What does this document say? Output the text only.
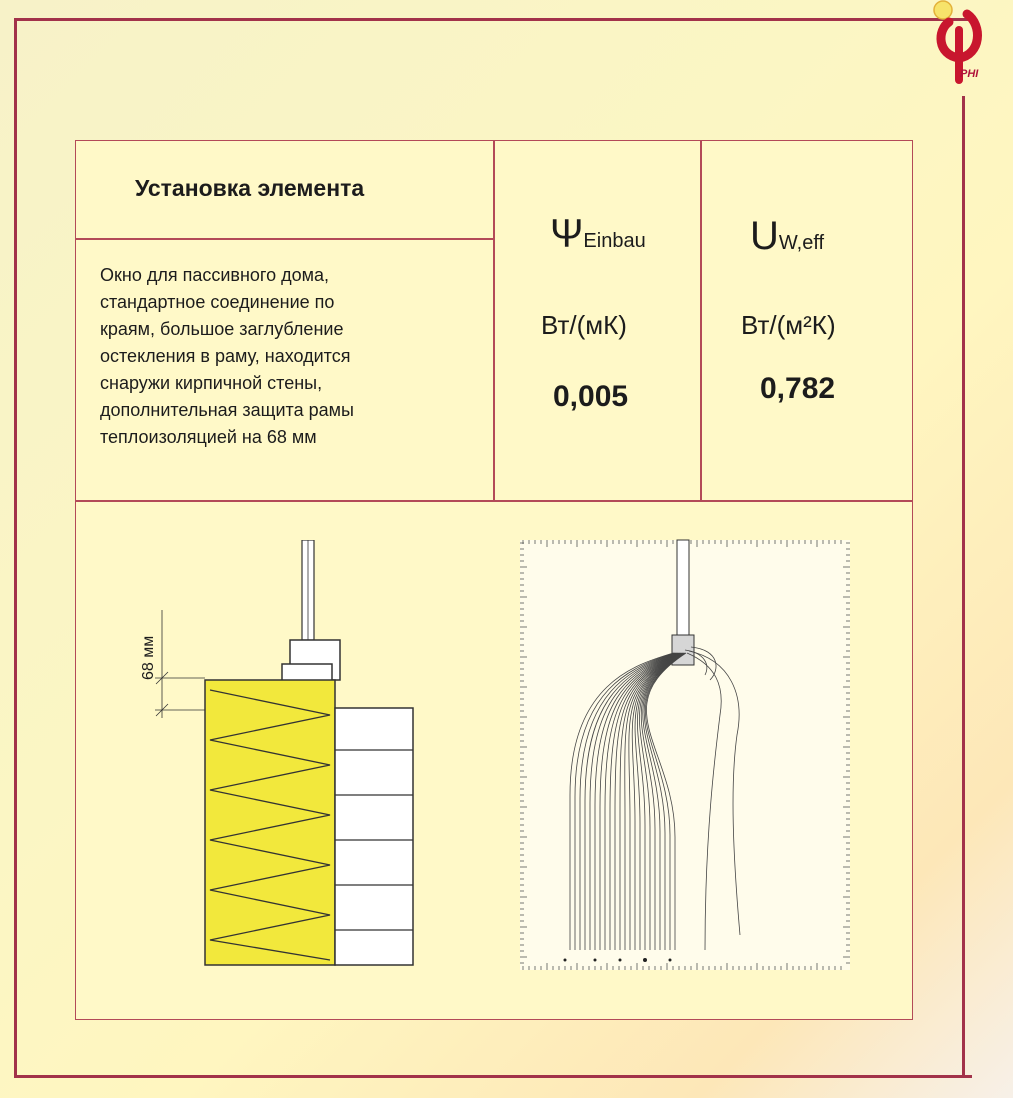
PHI
Установка элемента
Окно для пассивного дома,
стандартное соединение по
краям, большое заглубление
остекления в раму, находится
снаружи кирпичной стены,
дополнительная защита рамы
теплоизоляцией на 68 мм
ΨEinbau
Вт/(мК)
0,005
UW,eff
Вт/(м²К)
0,782
68 мм
